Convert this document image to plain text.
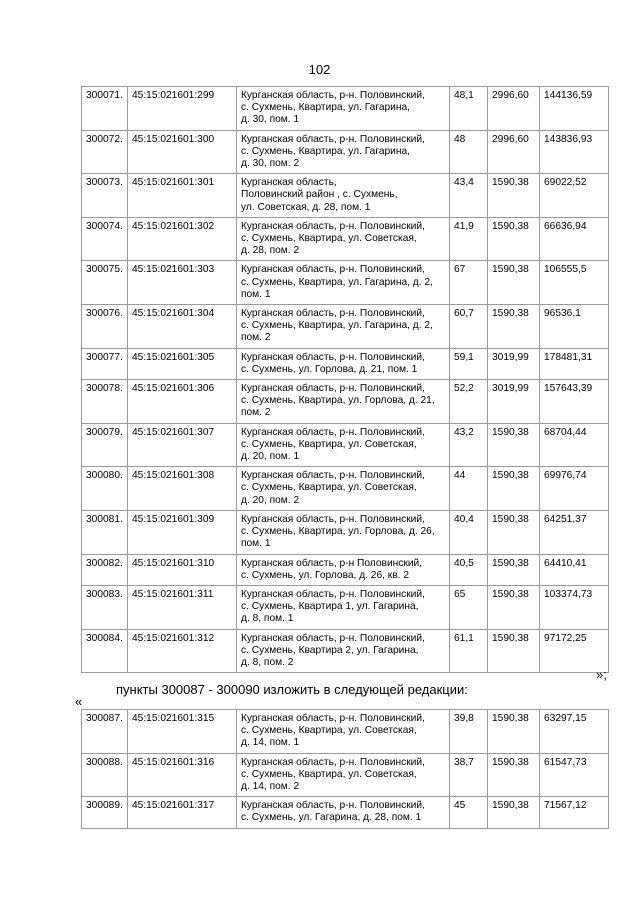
102
300071.	45:15:021601:299	Курганская область, р-н. Половинский,
с. Сухмень, Квартира, ул. Гагарина,
д. 30, пом. 1	48,1	2996,60	144136,59
300072.	45:15:021601:300	Курганская область, р-н. Половинский,
с. Сухмень, Квартира, ул. Гагарина,
д. 30, пом. 2	48	2996,60	143836,93
300073.	45:15:021601:301	Курганская область,
Половинский район , с. Сухмень,
ул. Советская, д. 28, пом. 1	43,4	1590,38	69022,52
300074.	45:15:021601:302	Курганская область, р-н. Половинский,
с. Сухмень, Квартира, ул. Советская,
д. 28, пом. 2	41,9	1590,38	66636,94
300075.	45:15:021601:303	Курганская область, р-н. Половинский,
с. Сухмень, Квартира, ул. Гагарина, д. 2,
пом. 1	67	1590,38	106555,5
300076.	45:15:021601:304	Курганская область, р-н. Половинский,
с. Сухмень, Квартира, ул. Гагарина, д. 2,
пом. 2	60,7	1590,38	96536,1
300077.	45:15:021601:305	Курганская область, р-н. Половинский,
с. Сухмень, ул. Горлова, д. 21, пом. 1	59,1	3019,99	178481,31
300078.	45:15:021601:306	Курганская область, р-н. Половинский,
с. Сухмень, Квартира, ул. Горлова, д. 21,
пом. 2	52,2	3019,99	157643,39
300079.	45:15:021601:307	Курганская область, р-н. Половинский,
с. Сухмень, Квартира, ул. Советская,
д. 20, пом. 1	43,2	1590,38	68704,44
300080.	45:15:021601:308	Курганская область, р-н. Половинский,
с. Сухмень, Квартира, ул. Советская,
д. 20, пом. 2	44	1590,38	69976,74
300081.	45:15:021601:309	Курганская область, р-н. Половинский,
с. Сухмень, Квартира, ул. Горлова, д. 26,
пом. 1	40,4	1590,38	64251,37
300082.	45:15:021601:310	Курганская область, р-н Половинский,
с. Сухмень, ул. Горлова, д. 26, кв. 2	40,5	1590,38	64410,41
300083.	45:15:021601:311	Курганская область, р-н. Половинский,
с. Сухмень, Квартира 1, ул. Гагарина,
д. 8, пом. 1	65	1590,38	103374,73
300084.	45:15:021601:312	Курганская область, р-н. Половинский,
с. Сухмень, Квартира 2, ул. Гагарина,
д. 8, пом. 2	61,1	1590,38	97172,25
»;
пункты 300087 - 300090 изложить в следующей редакции:
«
300087.	45:15:021601:315	Курганская область, р-н. Половинский,
с. Сухмень, Квартира, ул. Советская,
д. 14, пом. 1	39,8	1590,38	63297,15
300088.	45:15:021601:316	Курганская область, р-н. Половинский,
с. Сухмень, Квартира, ул. Советская,
д. 14, пом. 2	38,7	1590,38	61547,73
300089.	45:15:021601:317	Курганская область, р-н. Половинский,
с. Сухмень, ул. Гагарина, д. 28, пом. 1	45	1590,38	71567,12
